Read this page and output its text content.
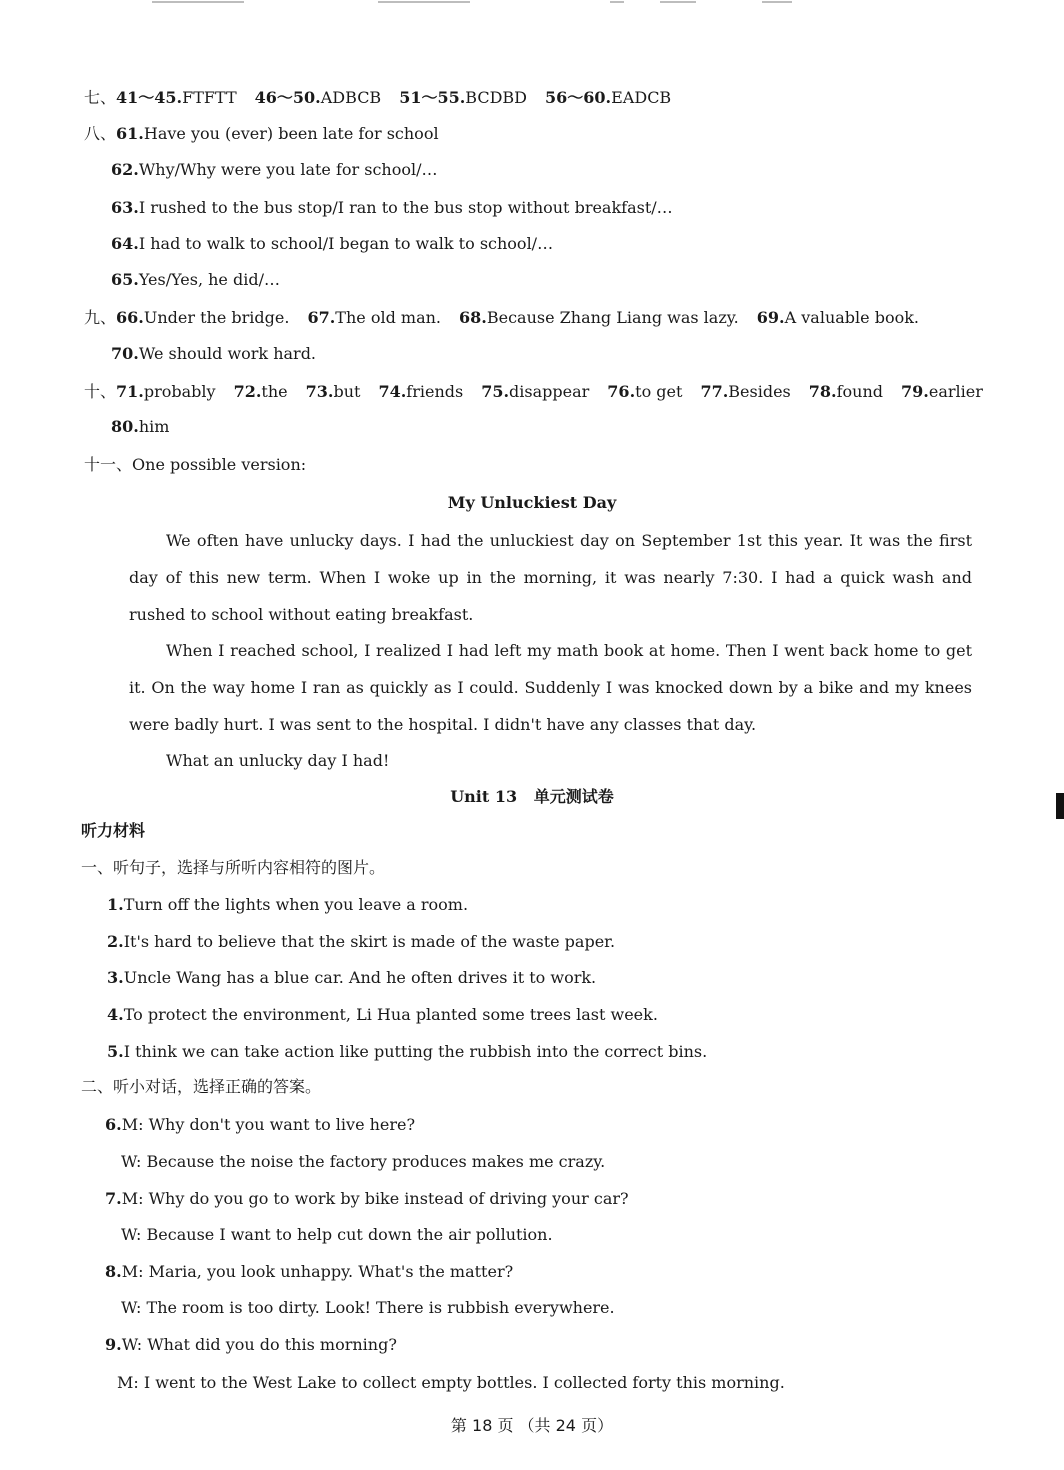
七、41～45.FTFTT 46～50.ADBCB 51～55.BCDBD 56～60.EADCB
八、61.Have you (ever) been late for school
62.Why/Why were you late for school/…
63.I rushed to the bus stop/I ran to the bus stop without breakfast/…
64.I had to walk to school/I began to walk to school/…
65.Yes/Yes, he did/…
九、66.Under the bridge. 67.The old man. 68.Because Zhang Liang was lazy. 69.A valuable book.
70.We should work hard.
十、71.probably 72.the 73.but 74.friends 75.disappear 76.to get 77.Besides 78.found 79.earlier
80.him
十一、One possible version:
My Unluckiest Day
We often have unlucky days. I had the unluckiest day on September 1st this year. It was the first day of this new term. When I woke up in the morning, it was nearly 7:30. I had a quick wash and rushed to school without eating breakfast.
When I reached school, I realized I had left my math book at home. Then I went back home to get it. On the way home I ran as quickly as I could. Suddenly I was knocked down by a bike and my knees were badly hurt. I was sent to the hospital. I didn't have any classes that day.
What an unlucky day I had!
Unit 13 单元测试卷
听力材料
一、听句子，选择与所听内容相符的图片。
1.Turn off the lights when you leave a room.
2.It's hard to believe that the skirt is made of the waste paper.
3.Uncle Wang has a blue car. And he often drives it to work.
4.To protect the environment, Li Hua planted some trees last week.
5.I think we can take action like putting the rubbish into the correct bins.
二、听小对话，选择正确的答案。
6.M: Why don't you want to live here?
W: Because the noise the factory produces makes me crazy.
7.M: Why do you go to work by bike instead of driving your car?
W: Because I want to help cut down the air pollution.
8.M: Maria, you look unhappy. What's the matter?
W: The room is too dirty. Look! There is rubbish everywhere.
9.W: What did you do this morning?
M: I went to the West Lake to collect empty bottles. I collected forty this morning.
第 18 页 （共 24 页）
